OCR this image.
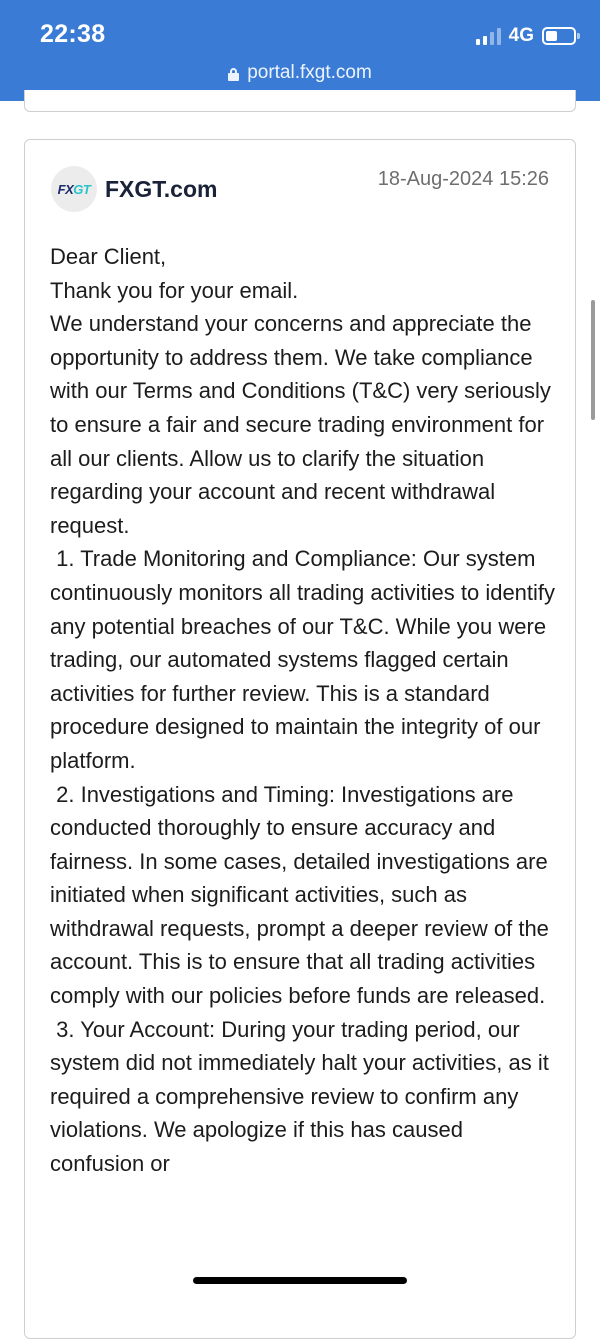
22:38	4G
portal.fxgt.com
FX GT FXGT.com	18-Aug-2024 15:26

Dear Client,

Thank you for your email.

We understand your concerns and appreciate the opportunity to address them. We take compliance with our Terms and Conditions (T&C) very seriously to ensure a fair and secure trading environment for all our clients. Allow us to clarify the situation regarding your account and recent withdrawal request.

1. Trade Monitoring and Compliance: Our system continuously monitors all trading activities to identify any potential breaches of our T&C. While you were trading, our automated systems flagged certain activities for further review. This is a standard procedure designed to maintain the integrity of our platform.

2. Investigations and Timing: Investigations are conducted thoroughly to ensure accuracy and fairness. In some cases, detailed investigations are initiated when significant activities, such as withdrawal requests, prompt a deeper review of the account. This is to ensure that all trading activities comply with our policies before funds are released.

3. Your Account: During your trading period, our system did not immediately halt your activities, as it required a comprehensive review to confirm any violations. We apologize if this has caused confusion or
